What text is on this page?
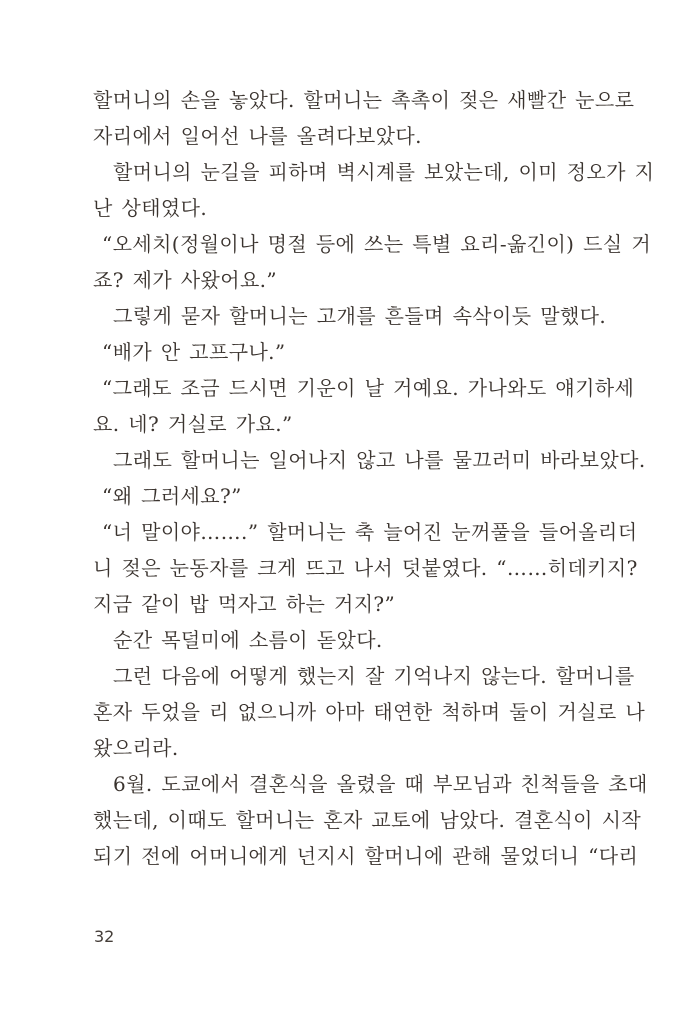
할머니의 손을 놓았다. 할머니는 촉촉이 젖은 새빨간 눈으로
자리에서 일어선 나를 올려다보았다.
할머니의 눈길을 피하며 벽시계를 보았는데, 이미 정오가 지
난 상태였다.
“오세치(정월이나 명절 등에 쓰는 특별 요리-옮긴이) 드실 거
죠? 제가 사왔어요.”
그렇게 묻자 할머니는 고개를 흔들며 속삭이듯 말했다.
“배가 안 고프구나.”
“그래도 조금 드시면 기운이 날 거예요. 가나와도 얘기하세
요. 네? 거실로 가요.”
그래도 할머니는 일어나지 않고 나를 물끄러미 바라보았다.
“왜 그러세요?”
“너 말이야…….” 할머니는 축 늘어진 눈꺼풀을 들어올리더
니 젖은 눈동자를 크게 뜨고 나서 덧붙였다. “……히데키지?
지금 같이 밥 먹자고 하는 거지?”
순간 목덜미에 소름이 돋았다.
그런 다음에 어떻게 했는지 잘 기억나지 않는다. 할머니를
혼자 두었을 리 없으니까 아마 태연한 척하며 둘이 거실로 나
왔으리라.
6월. 도쿄에서 결혼식을 올렸을 때 부모님과 친척들을 초대
했는데, 이때도 할머니는 혼자 교토에 남았다. 결혼식이 시작
되기 전에 어머니에게 넌지시 할머니에 관해 물었더니 “다리
32
